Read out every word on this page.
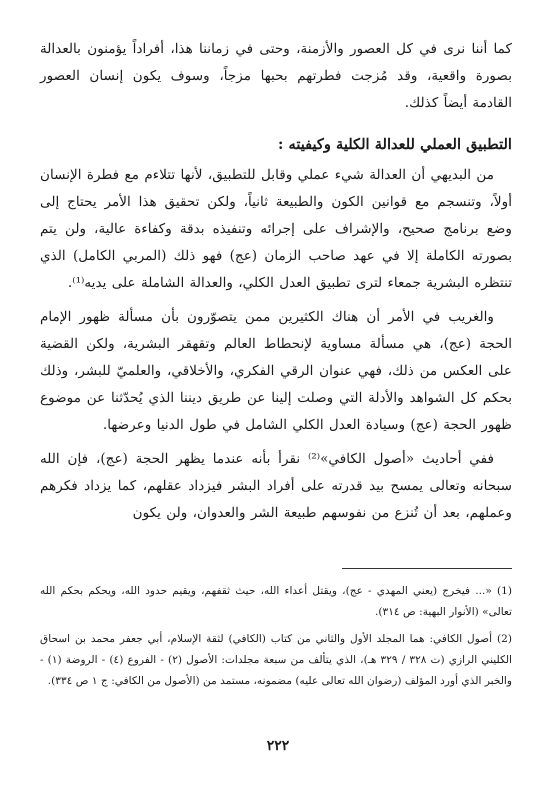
كما أننا نرى في كل العصور والأزمنة، وحتى في زماننا هذا، أفراداً يؤمنون بالعدالة بصورة واقعية، وقد مُزجت فطرتهم بحبها مزجاً، وسوف يكون إنسان العصور القادمة أيضاً كذلك.

التطبيق العملي للعدالة الكلية وكيفيته :

من البديهي أن العدالة شيء عملي وقابل للتطبيق، لأنها تتلاءم مع فطرة الإنسان أولاً، وتنسجم مع قوانين الكون والطبيعة ثانياً، ولكن تحقيق هذا الأمر يحتاج إلى وضع برنامج صحيح، والإشراف على إجرائه وتنفيذه بدقة وكفاءة عالية، ولن يتم بصورته الكاملة إلا في عهد صاحب الزمان (عج) فهو ذلك (المربي الكامل) الذي تنتظره البشرية جمعاء لترى تطبيق العدل الكلي، والعدالة الشاملة على يديه⁽¹⁾.

والغريب في الأمر أن هناك الكثيرين ممن يتصوّرون بأن مسألة ظهور الإمام الحجة (عج)، هي مسألة مساوية لإنحطاط العالم وتقهقر البشرية، ولكن القضية على العكس من ذلك، فهي عنوان الرقي الفكري، والأخلاقي، والعلميّ للبشر، وذلك بحكم كل الشواهد والأدلة التي وصلت إلينا عن طريق ديننا الذي يُحدّثنا عن موضوع ظهور الحجة (عج) وسيادة العدل الكلي الشامل في طول الدنيا وعرضها.

ففي أحاديث «أصول الكافي»⁽²⁾ نقرأ بأنه عندما يظهر الحجة (عج)، فإن الله سبحانه وتعالى يمسح بيد قدرته على أفراد البشر فيزداد عقلهم، كما يزداد فكرهم وعملهم، بعد أن تُنزع من نفوسهم طبيعة الشر والعدوان، ولن يكون

(1) «... فيخرج (يعني المهدي - عج)، ويقتل أعداء الله، حيث ثقفهم، ويقيم حدود الله، ويحكم بحكم الله تعالى» (الأنوار البهية: ص ٣١٤).

(2) أصول الكافي: هما المجلد الأول والثاني من كتاب (الكافي) لثقة الإسلام، أبي جعفر محمد بن اسحاق الكليني الرازي (ت ٣٢٨ / ٣٢٩ هـ)، الذي يتألف من سبعة مجلدات: الأصول (٢) - الفروع (٤) - الروضة (١) - والخبر الذي أورد المؤلف (رضوان الله تعالى عليه) مضمونه، مستمد من (الأصول من الكافي: ج ١ ص ٣٣٤).

٢٢٢
